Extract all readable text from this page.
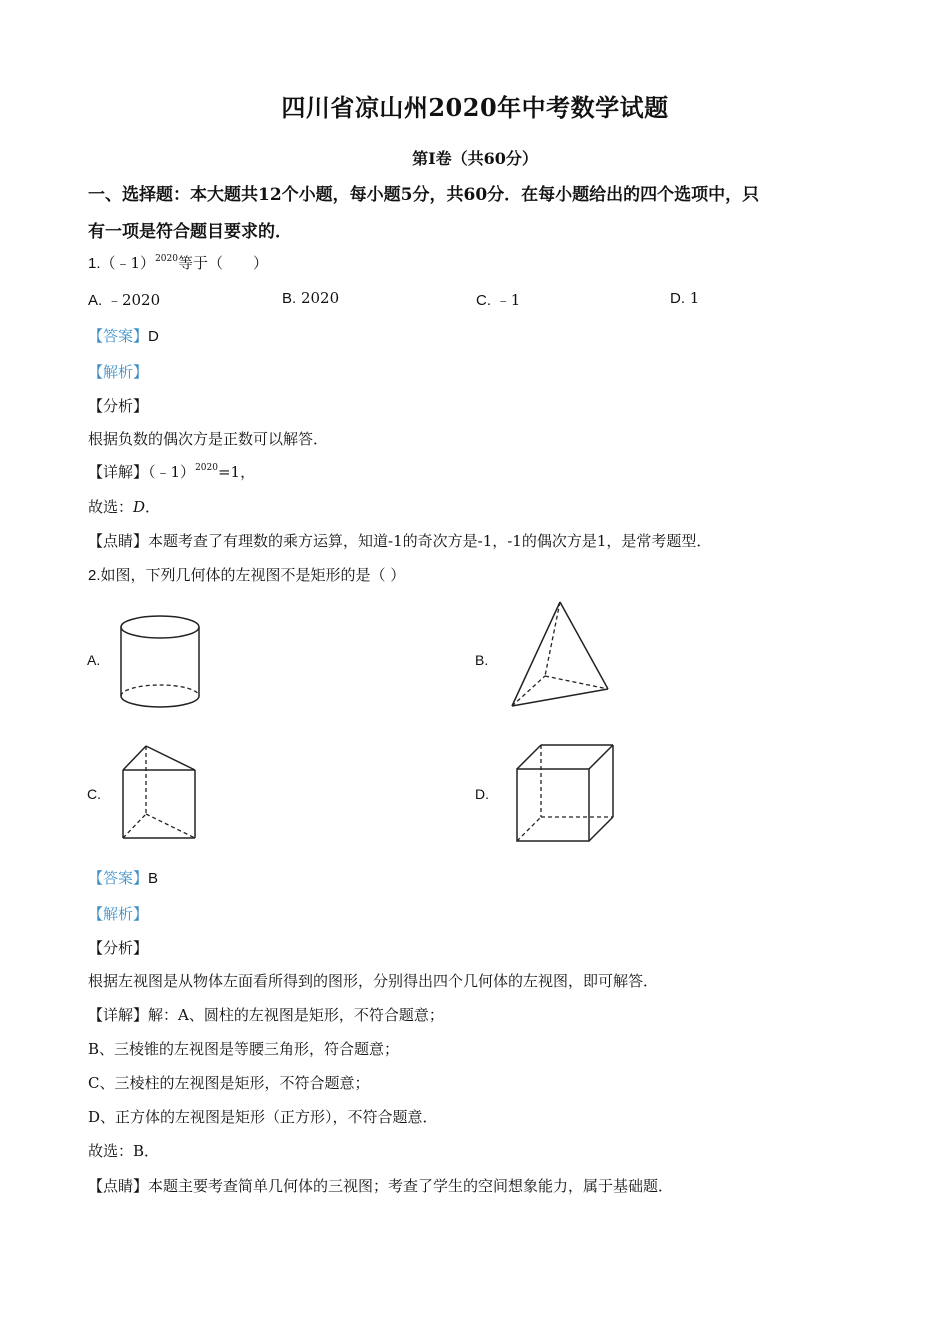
四川省凉山州2020年中考数学试题
第Ⅰ卷（共60分）
一、选择题：本大题共12个小题，每小题5分，共60分．在每小题给出的四个选项中，只
有一项是符合题目要求的．
1.（﹣1）$^{2020}$等于（　　）
A. ﹣2020	B. 2020	C. ﹣1	D. 1
【答案】D
【解析】
【分析】
根据负数的偶次方是正数可以解答．
【详解】（﹣1）$^{2020}$=1，
故选：D．
【点睛】本题考查了有理数的乘方运算，知道-1的奇次方是-1，-1的偶次方是1，是常考题型．
2.如图，下列几何体的左视图不是矩形的是（ ）
A.	B.
C.	D.
【答案】B
【解析】
【分析】
根据左视图是从物体左面看所得到的图形，分别得出四个几何体的左视图，即可解答．
【详解】解：A、圆柱的左视图是矩形，不符合题意；
B、三棱锥的左视图是等腰三角形，符合题意；
C、三棱柱的左视图是矩形，不符合题意；
D、正方体的左视图是矩形（正方形），不符合题意．
故选：B．
【点睛】本题主要考查简单几何体的三视图；考查了学生的空间想象能力，属于基础题．
